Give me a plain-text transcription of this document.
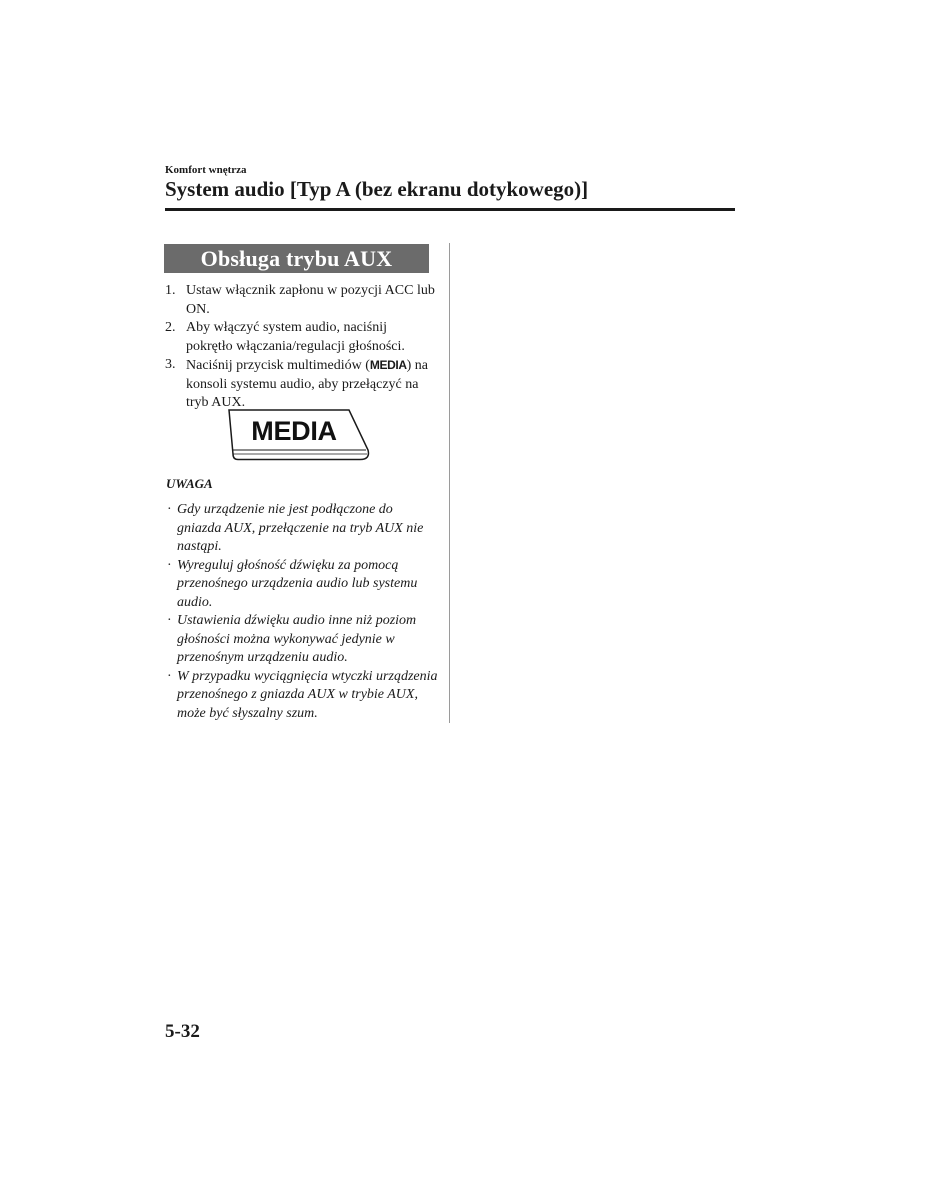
Komfort wnętrza

System audio [Typ A (bez ekranu dotykowego)]
Obsługa trybu AUX
1. Ustaw włącznik zapłonu w pozycji ACC lub ON.
2. Aby włączyć system audio, naciśnij pokrętło włączania/regulacji głośności.
3. Naciśnij przycisk multimediów (MEDIA) na konsoli systemu audio, aby przełączyć na tryb AUX.
MEDIA

UWAGA

· Gdy urządzenie nie jest podłączone do gniazda AUX, przełączenie na tryb AUX nie nastąpi.
· Wyreguluj głośność dźwięku za pomocą przenośnego urządzenia audio lub systemu audio.
· Ustawienia dźwięku audio inne niż poziom głośności można wykonywać jedynie w przenośnym urządzeniu audio.
· W przypadku wyciągnięcia wtyczki urządzenia przenośnego z gniazda AUX w trybie AUX, może być słyszalny szum.

5-32
